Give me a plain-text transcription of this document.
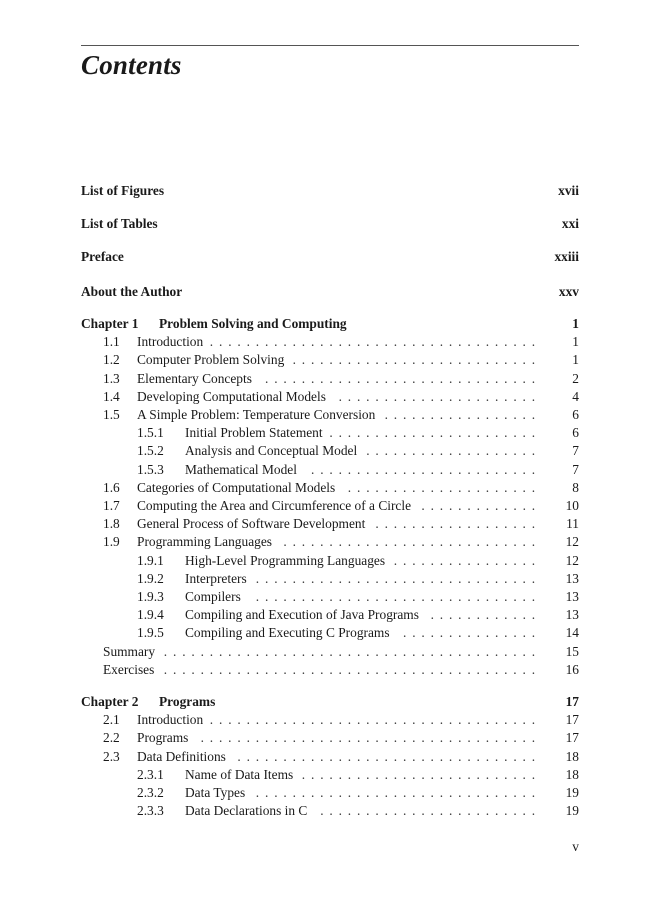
Contents
List of Figures	xvii
List of Tables	xxi
Preface	xxiii
About the Author	xxv
Chapter 1 Problem Solving and Computing	1
1.1 Introduction	1
....................................
1.2 Computer Problem Solving	1
...........................
1.3 Elementary Concepts	2
..............................
1.4 Developing Computational Models	4
......................
1.5 A Simple Problem: Temperature Conversion	6
.................
1.5.1 Initial Problem Statement	6
.......................
1.5.2 Analysis and Conceptual Model	7
...................
1.5.3 Mathematical Model	7
.........................
1.6 Categories of Computational Models	8
.....................
1.7 Computing the Area and Circumference of a Circle	10
.............
1.8 General Process of Software Development	11
..................
1.9 Programming Languages	12
............................
1.9.1 High-Level Programming Languages	12
................
1.9.2 Interpreters	13
...............................
1.9.3 Compilers	13
...............................
1.9.4 Compiling and Execution of Java Programs	13
............
1.9.5 Compiling and Executing C Programs	14
...............
Summary	15
.........................................
Exercises	16
.........................................
Chapter 2 Programs	17
2.1 Introduction	17
....................................
2.2 Programs	17
.....................................
2.3 Data Definitions	18
.................................
2.3.1 Name of Data Items	18
..........................
2.3.2 Data Types	19
...............................
2.3.3 Data Declarations in C	19
........................
v
